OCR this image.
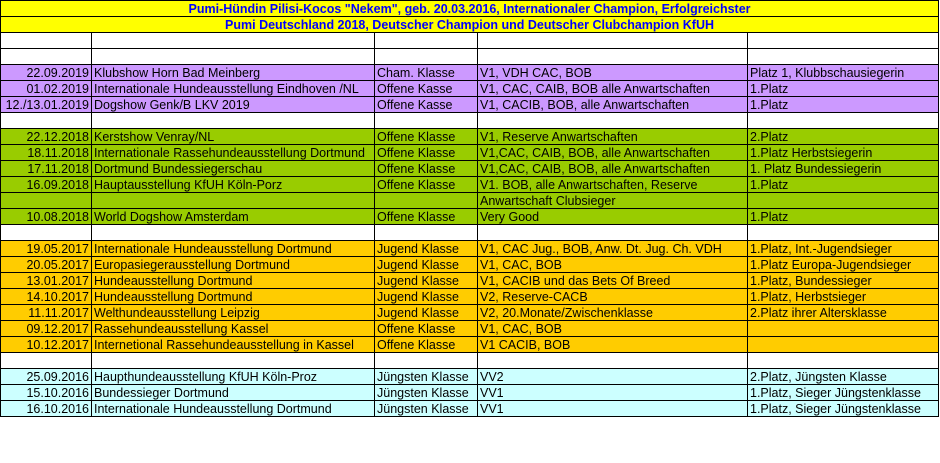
Pumi-Hündin Pilisi-Kocos "Nekem", geb. 20.03.2016, Internationaler Champion, Erfolgreichster				
Pumi Deutschland 2018, Deutscher Champion und Deutscher Clubchampion KfUH				

22.09.2019	Klubshow Horn Bad Meinberg	Cham. Klasse	V1, VDH CAC, BOB	Platz 1, Klubbschausiegerin
01.02.2019	Internationale Hundeausstellung Eindhoven /NL	Offene Kasse	V1, CAC, CAIB, BOB alle Anwartschaften	1.Platz
12./13.01.2019	Dogshow Genk/B LKV 2019	Offene Kasse	V1, CACIB, BOB, alle Anwartschaften	1.Platz

22.12.2018	Kerstshow Venray/NL	Offene Klasse	V1, Reserve Anwartschaften	2.Platz
18.11.2018	Internationale Rassehundeausstellung Dortmund	Offene Klasse	V1,CAC, CAIB, BOB, alle Anwartschaften	1.Platz Herbstsiegerin
17.11.2018	Dortmund Bundessiegerschau	Offene Klasse	V1,CAC, CAIB, BOB, alle Anwartschaften	1. Platz Bundessiegerin
16.09.2018	Hauptausstellung KfUH Köln-Porz	Offene Klasse	V1. BOB, alle Anwartschaften, Reserve	1.Platz
			Anwartschaft Clubsieger	
10.08.2018	World Dogshow Amsterdam	Offene Klasse	Very Good	1.Platz

19.05.2017	Internationale Hundeausstellung Dortmund	Jugend Klasse	V1, CAC Jug., BOB, Anw. Dt. Jug. Ch. VDH	1.Platz, Int.-Jugendsieger
20.05.2017	Europasiegerausstellung Dortmund	Jugend Klasse	V1, CAC, BOB	1.Platz Europa-Jugendsieger
13.01.2017	Hundeausstellung Dortmund	Jugend Klasse	V1, CACIB und das Bets Of Breed	1.Platz, Bundessieger
14.10.2017	Hundeausstellung Dortmund	Jugend Klasse	V2, Reserve-CACB	1.Platz, Herbstsieger
11.11.2017	Welthundeausstellung Leipzig	Jugend Klasse	V2, 20.Monate/Zwischenklasse	2.Platz ihrer Altersklasse
09.12.2017	Rassehundeausstellung Kassel	Offene Klasse	V1, CAC, BOB	
10.12.2017	Internetional Rassehundeausstellung in Kassel	Offene Klasse	V1 CACIB, BOB	

25.09.2016	Haupthundeausstellung KfUH Köln-Proz	Jüngsten Klasse	VV2	2.Platz, Jüngsten Klasse
15.10.2016	Bundessieger Dortmund	Jüngsten Klasse	VV1	1.Platz, Sieger Jüngstenklasse
16.10.2016	Internationale Hundeausstellung Dortmund	Jüngsten Klasse	VV1	1.Platz, Sieger Jüngstenklasse
